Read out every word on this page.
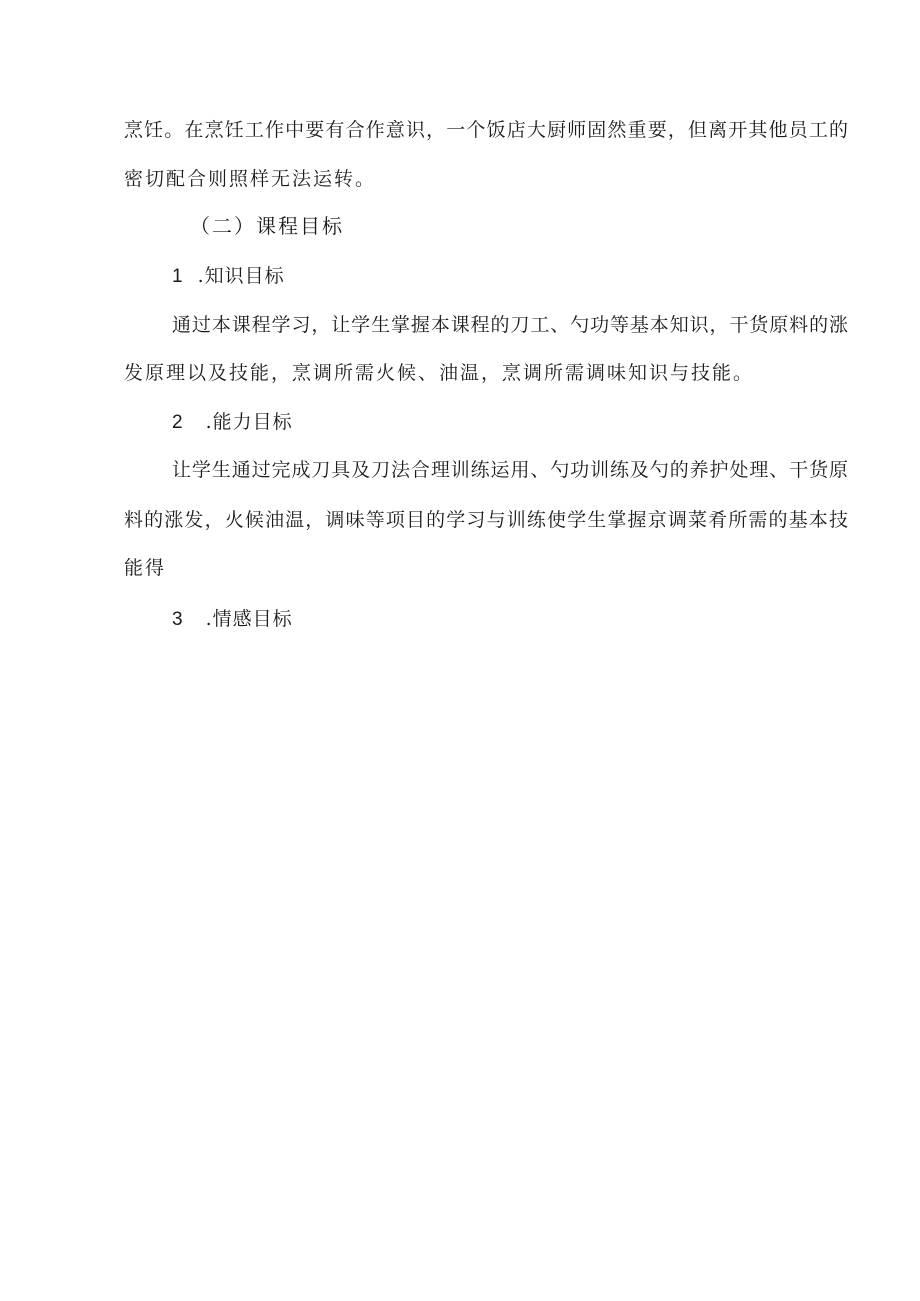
烹饪。在烹饪工作中要有合作意识，一个饭店大厨师固然重要，但离开其他员工的
密切配合则照样无法运转。
（二）课程目标
1 .知识目标
通过本课程学习，让学生掌握本课程的刀工、勺功等基本知识，干货原料的涨
发原理以及技能，烹调所需火候、油温，烹调所需调味知识与技能。
2 .能力目标
让学生通过完成刀具及刀法合理训练运用、勺功训练及勺的养护处理、干货原
料的涨发，火候油温，调味等项目的学习与训练使学生掌握京调菜肴所需的基本技
能得
3 .情感目标
